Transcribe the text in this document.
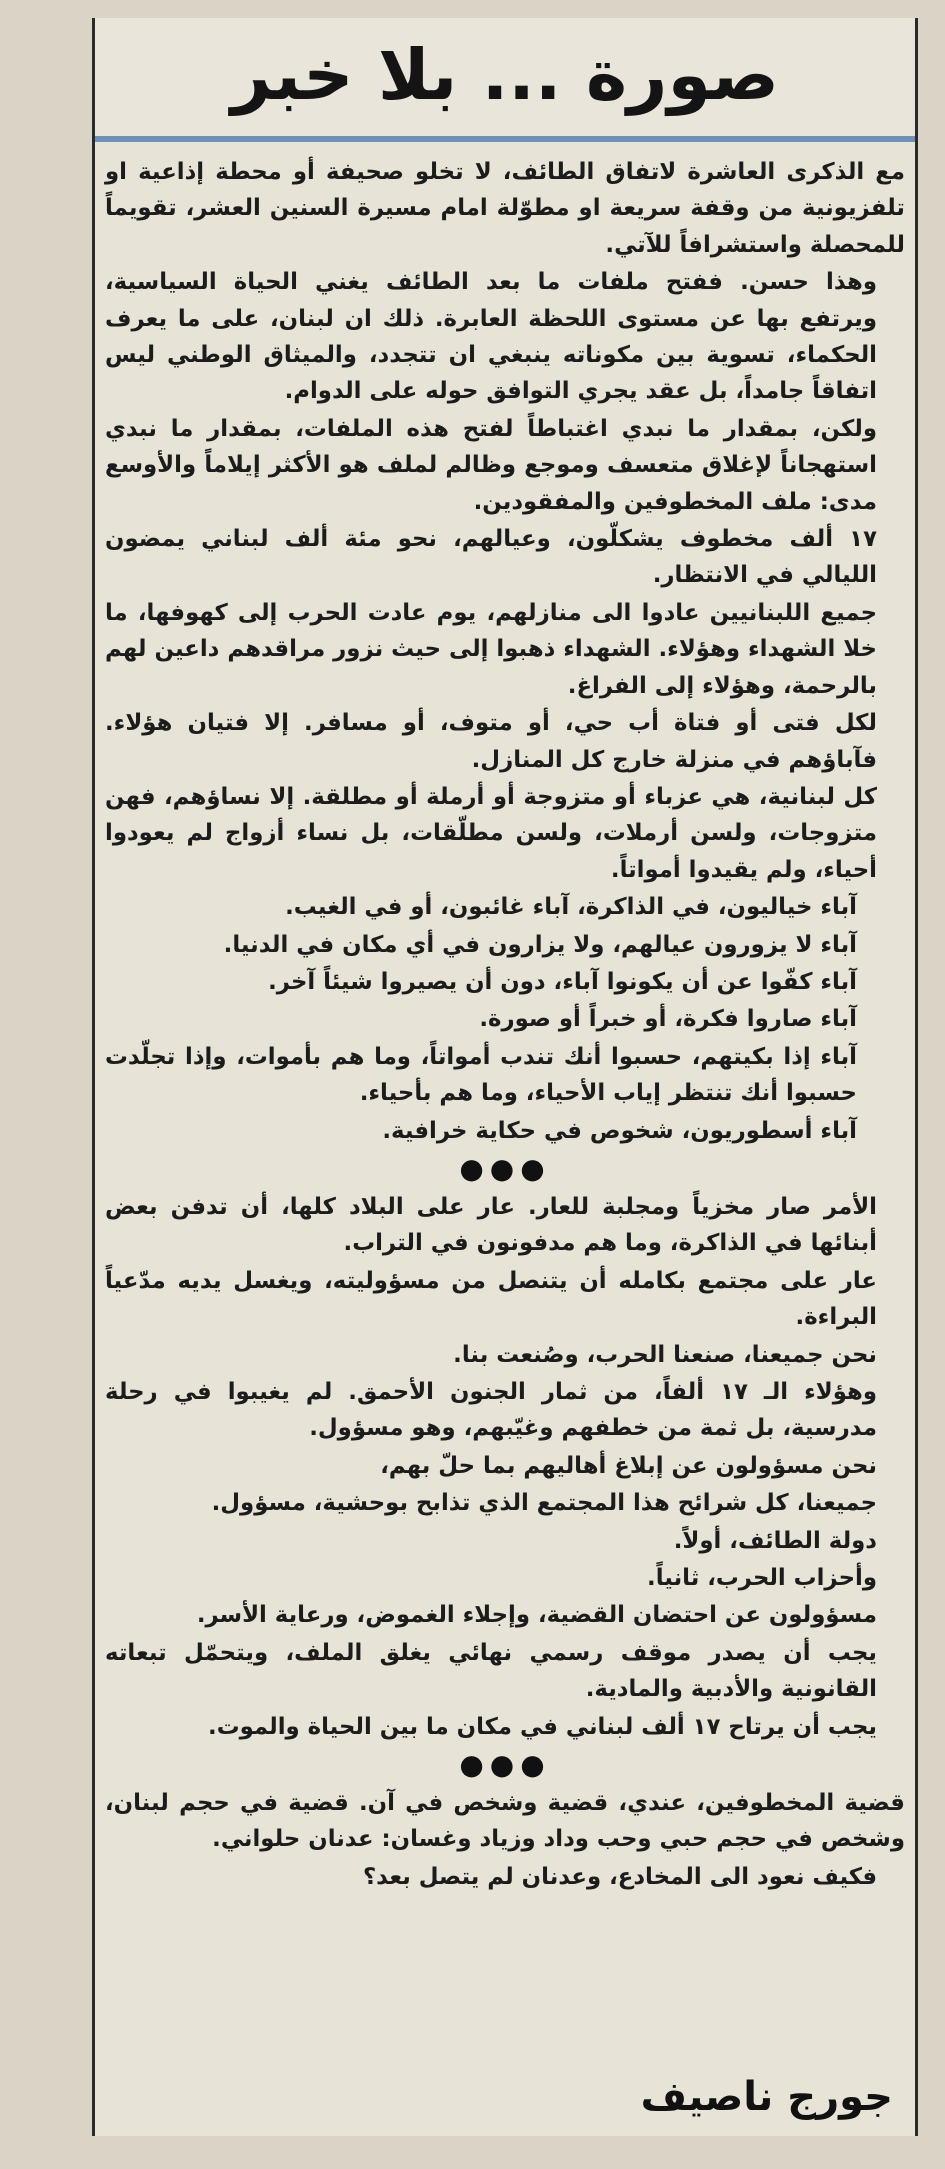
صورة ... بلا خبر

مع الذكرى العاشرة لاتفاق الطائف، لا تخلو صحيفة أو محطة إذاعية او تلفزيونية من وقفة سريعة او مطوّلة امام مسيرة السنين العشر، تقويماً للمحصلة واستشرافاً للآتي.

وهذا حسن. ففتح ملفات ما بعد الطائف يغني الحياة السياسية، ويرتفع بها عن مستوى اللحظة العابرة. ذلك ان لبنان، على ما يعرف الحكماء، تسوية بين مكوناته ينبغي ان تتجدد، والميثاق الوطني ليس اتفاقاً جامداً، بل عقد يجري التوافق حوله على الدوام.

ولكن، بمقدار ما نبدي اغتباطاً لفتح هذه الملفات، بمقدار ما نبدي استهجاناً لإغلاق متعسف وموجع وظالم لملف هو الأكثر إيلاماً والأوسع مدى: ملف المخطوفين والمفقودين.

١٧ ألف مخطوف يشكلّون، وعيالهم، نحو مئة ألف لبناني يمضون الليالي في الانتظار.

جميع اللبنانيين عادوا الى منازلهم، يوم عادت الحرب إلى كهوفها، ما خلا الشهداء وهؤلاء. الشهداء ذهبوا إلى حيث نزور مراقدهم داعين لهم بالرحمة، وهؤلاء إلى الفراغ.

لكل فتى أو فتاة أب حي، أو متوف، أو مسافر. إلا فتيان هؤلاء. فآباؤهم في منزلة خارج كل المنازل.

كل لبنانية، هي عزباء أو متزوجة أو أرملة أو مطلقة. إلا نساؤهم، فهن متزوجات، ولسن أرملات، ولسن مطلّقات، بل نساء أزواج لم يعودوا أحياء، ولم يقيدوا أمواتاً.

آباء خياليون، في الذاكرة، آباء غائبون، أو في الغيب.

آباء لا يزورون عيالهم، ولا يزارون في أي مكان في الدنيا.

آباء كفّوا عن أن يكونوا آباء، دون أن يصيروا شيئاً آخر.

آباء صاروا فكرة، أو خبراً أو صورة.

آباء إذا بكيتهم، حسبوا أنك تندب أمواتاً، وما هم بأموات، وإذا تجلّدت حسبوا أنك تنتظر إياب الأحياء، وما هم بأحياء.

آباء أسطوريون، شخوص في حكاية خرافية.

●●●

الأمر صار مخزياً ومجلبة للعار. عار على البلاد كلها، أن تدفن بعض أبنائها في الذاكرة، وما هم مدفونون في التراب.

عار على مجتمع بكامله أن يتنصل من مسؤوليته، ويغسل يديه مدّعياً البراءة.

نحن جميعنا، صنعنا الحرب، وصُنعت بنا.

وهؤلاء الـ ١٧ ألفاً، من ثمار الجنون الأحمق. لم يغيبوا في رحلة مدرسية، بل ثمة من خطفهم وغيّبهم، وهو مسؤول.

نحن مسؤولون عن إبلاغ أهاليهم بما حلّ بهم،

جميعنا، كل شرائح هذا المجتمع الذي تذابح بوحشية، مسؤول.

دولة الطائف، أولاً.

وأحزاب الحرب، ثانياً.

مسؤولون عن احتضان القضية، وإجلاء الغموض، ورعاية الأسر.

يجب أن يصدر موقف رسمي نهائي يغلق الملف، ويتحمّل تبعاته القانونية والأدبية والمادية.

يجب أن يرتاح ١٧ ألف لبناني في مكان ما بين الحياة والموت.

●●●

قضية المخطوفين، عندي، قضية وشخص في آن. قضية في حجم لبنان، وشخص في حجم حبي وحب وداد وزياد وغسان: عدنان حلواني.

فكيف نعود الى المخادع، وعدنان لم يتصل بعد؟

جورج ناصيف
